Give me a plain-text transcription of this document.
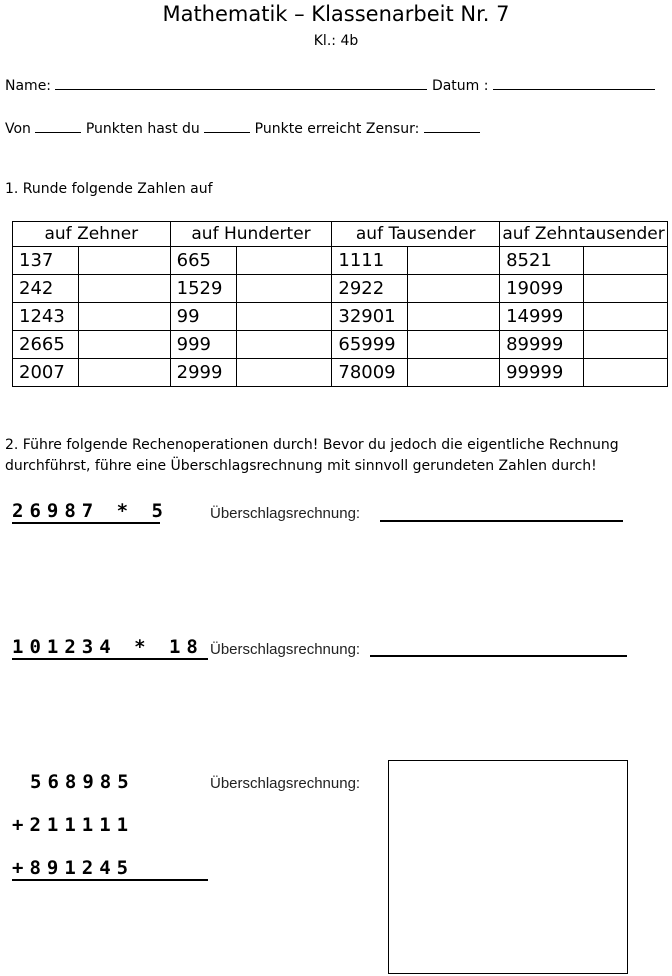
Mathematik – Klassenarbeit Nr. 7
Kl.: 4b
Name:	Datum :
Von	Punkten hast du	Punkte erreicht Zensur:
1. Runde folgende Zahlen auf
auf Zehner		auf Hunderter		auf Tausender		auf Zehntausender	
137		665		1111		8521	
242		1529		2922		19099	
1243		99		32901		14999	
2665		999		65999		89999	
2007		2999		78009		99999	
2. Führe folgende Rechenoperationen durch! Bevor du jedoch die eigentliche Rechnung
durchführst, führe eine Überschlagsrechnung mit sinnvoll gerundeten Zahlen durch!
26987 * 5	Überschlagsrechnung:
101234 * 18 Überschlagsrechnung:
568985
+211111
+891245
Überschlagsrechnung:
